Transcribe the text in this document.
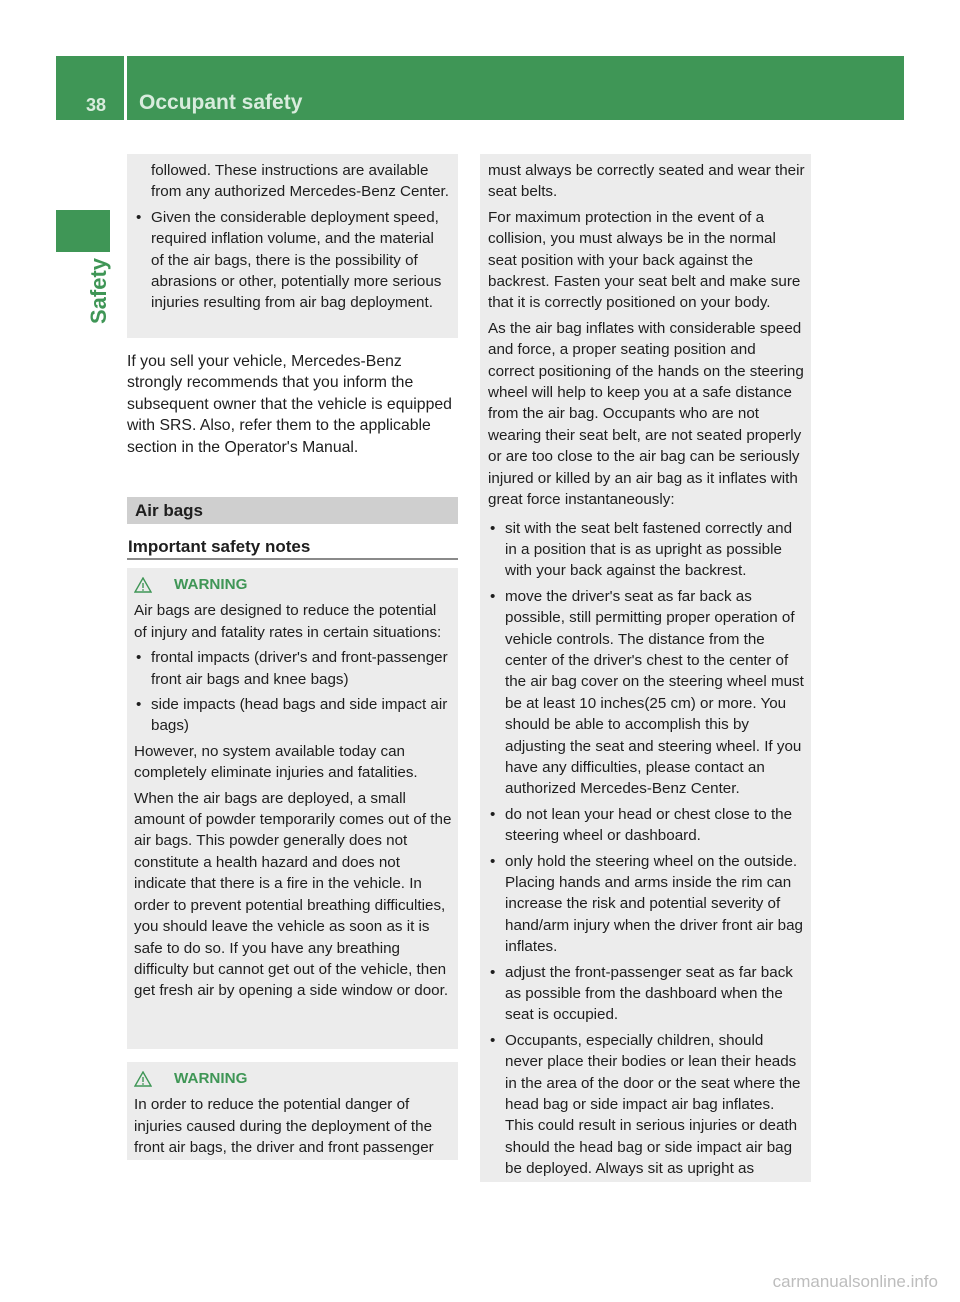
38 Occupant safety
Safety

followed. These instructions are available from any authorized Mercedes-Benz Center.

• Given the considerable deployment speed, required inflation volume, and the material of the air bags, there is the possibility of abrasions or other, potentially more serious injuries resulting from air bag deployment.
If you sell your vehicle, Mercedes-Benz strongly recommends that you inform the subsequent owner that the vehicle is equipped with SRS. Also, refer them to the applicable section in the Operator's Manual.
Air bags
Important safety notes
WARNING

Air bags are designed to reduce the potential of injury and fatality rates in certain situations:

• frontal impacts (driver's and front-passenger front air bags and knee bags)
• side impacts (head bags and side impact air bags)

However, no system available today can completely eliminate injuries and fatalities.

When the air bags are deployed, a small amount of powder temporarily comes out of the air bags. This powder generally does not constitute a health hazard and does not indicate that there is a fire in the vehicle. In order to prevent potential breathing difficulties, you should leave the vehicle as soon as it is safe to do so. If you have any breathing difficulty but cannot get out of the vehicle, then get fresh air by opening a side window or door.

WARNING

In order to reduce the potential danger of injuries caused during the deployment of the front air bags, the driver and front passenger

must always be correctly seated and wear their seat belts.

For maximum protection in the event of a collision, you must always be in the normal seat position with your back against the backrest. Fasten your seat belt and make sure that it is correctly positioned on your body.

As the air bag inflates with considerable speed and force, a proper seating position and correct positioning of the hands on the steering wheel will help to keep you at a safe distance from the air bag. Occupants who are not wearing their seat belt, are not seated properly or are too close to the air bag can be seriously injured or killed by an air bag as it inflates with great force instantaneously:

• sit with the seat belt fastened correctly and in a position that is as upright as possible with your back against the backrest.
• move the driver's seat as far back as possible, still permitting proper operation of vehicle controls. The distance from the center of the driver's chest to the center of the air bag cover on the steering wheel must be at least 10 inches(25 cm) or more. You should be able to accomplish this by adjusting the seat and steering wheel. If you have any difficulties, please contact an authorized Mercedes-Benz Center.
• do not lean your head or chest close to the steering wheel or dashboard.
• only hold the steering wheel on the outside. Placing hands and arms inside the rim can increase the risk and potential severity of hand/arm injury when the driver front air bag inflates.
• adjust the front-passenger seat as far back as possible from the dashboard when the seat is occupied.
• Occupants, especially children, should never place their bodies or lean their heads in the area of the door or the seat where the head bag or side impact air bag inflates. This could result in serious injuries or death should the head bag or side impact air bag be deployed. Always sit as upright as
carmanualsonline.info
